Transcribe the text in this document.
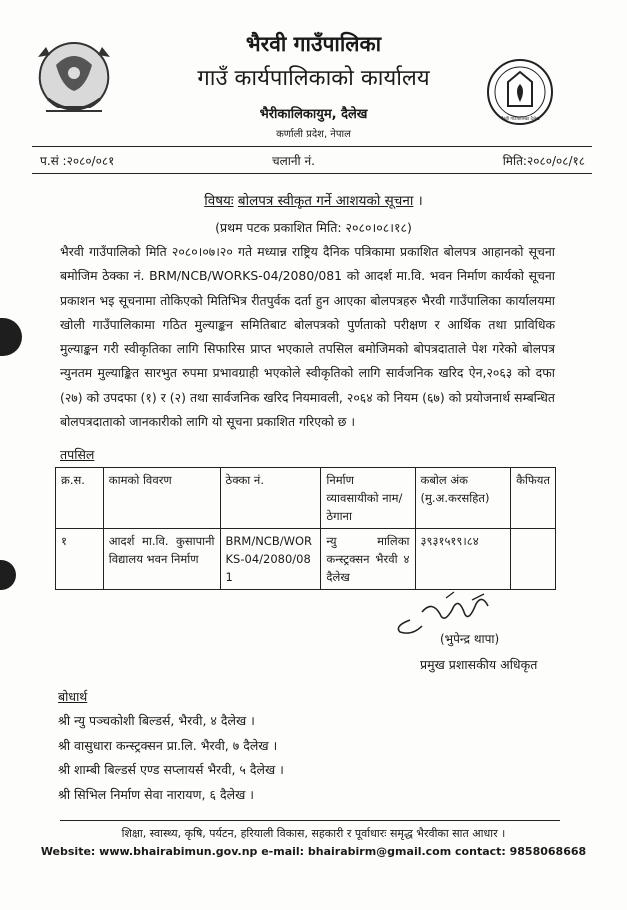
भैरवी गाउँपालिका दैलेख
भैरवी गाउँपालिका
गाउँ कार्यपालिकाको कार्यालय
भैरीकालिकायुम, दैलेख
कर्णाली प्रदेश, नेपाल
प.सं :२०८०/०८१	चलानी नं.	मिति:२०८०/०८/१८
विषयः बोलपत्र स्वीकृत गर्ने आशयको सूचना ।
(प्रथम पटक प्रकाशित मिति: २०८०।०८।१८)
भैरवी गाउँपालिको मिति २०८०।०७।२० गते मध्यान्न राष्ट्रिय दैनिक पत्रिकामा प्रकाशित बोलपत्र आहानको सूचना बमोजिम ठेक्का नं. BRM/NCB/WORKS-04/2080/081 को आदर्श मा.वि. भवन निर्माण कार्यको सूचना प्रकाशन भइ सूचनामा तोकिएको मितिभित्र रीतपुर्वक दर्ता हुन आएका बोलपत्रहरु भैरवी गाउँपालिका कार्यालयमा खोली गाउँपालिकामा गठित मुल्याङ्कन समितिबाट बोलपत्रको पुर्णताको परीक्षण र आर्थिक तथा प्राविधिक मुल्याङ्कन गरी स्वीकृतिका लागि सिफारिस प्राप्त भएकाले तपसिल बमोजिमको बोपत्रदाताले पेश गरेको बोलपत्र न्युनतम मुल्याङ्कित सारभुत रुपमा प्रभावग्राही भएकोले स्वीकृतिको लागि सार्वजनिक खरिद ऐन,२०६३ को दफा (२७) को उपदफा (१) र (२) तथा सार्वजनिक खरिद नियमावली, २०६४ को नियम (६७) को प्रयोजनार्थ सम्बन्धित बोलपत्रदाताको जानकारीको लागि यो सूचना प्रकाशित गरिएको छ ।
तपसिल
क्र.स.	कामको विवरण	ठेक्का नं.	निर्माण व्यावसायीको नाम/ठेगाना	कबोल अंक (मु.अ.करसहित)	कैफियत
१	आदर्श मा.वि. कुसापानी विद्यालय भवन निर्माण	BRM/NCB/WORKS-04/2080/081	न्यु मालिका कन्स्ट्रक्सन भैरवी ४ दैलेख	३९३१५१९।८४	
(भुपेन्द्र थापा)
प्रमुख प्रशासकीय अधिकृत
बोधार्थ
श्री न्यु पञ्चकोशी बिल्डर्स, भैरवी, ४ दैलेख ।
श्री वासुधारा कन्स्ट्रक्सन प्रा.लि. भैरवी, ७ दैलेख ।
श्री शाम्बी बिल्डर्स एण्ड सप्लायर्स भैरवी, ५ दैलेख ।
श्री सिभिल निर्माण सेवा नारायण, ६ दैलेख ।
शिक्षा, स्वास्थ्य, कृषि, पर्यटन, हरियाली विकास, सहकारी र पूर्वाधारः समृद्ध भैरवीका सात आधार ।
Website: www.bhairabimun.gov.np e-mail: bhairabirm@gmail.com contact: 9858068668
